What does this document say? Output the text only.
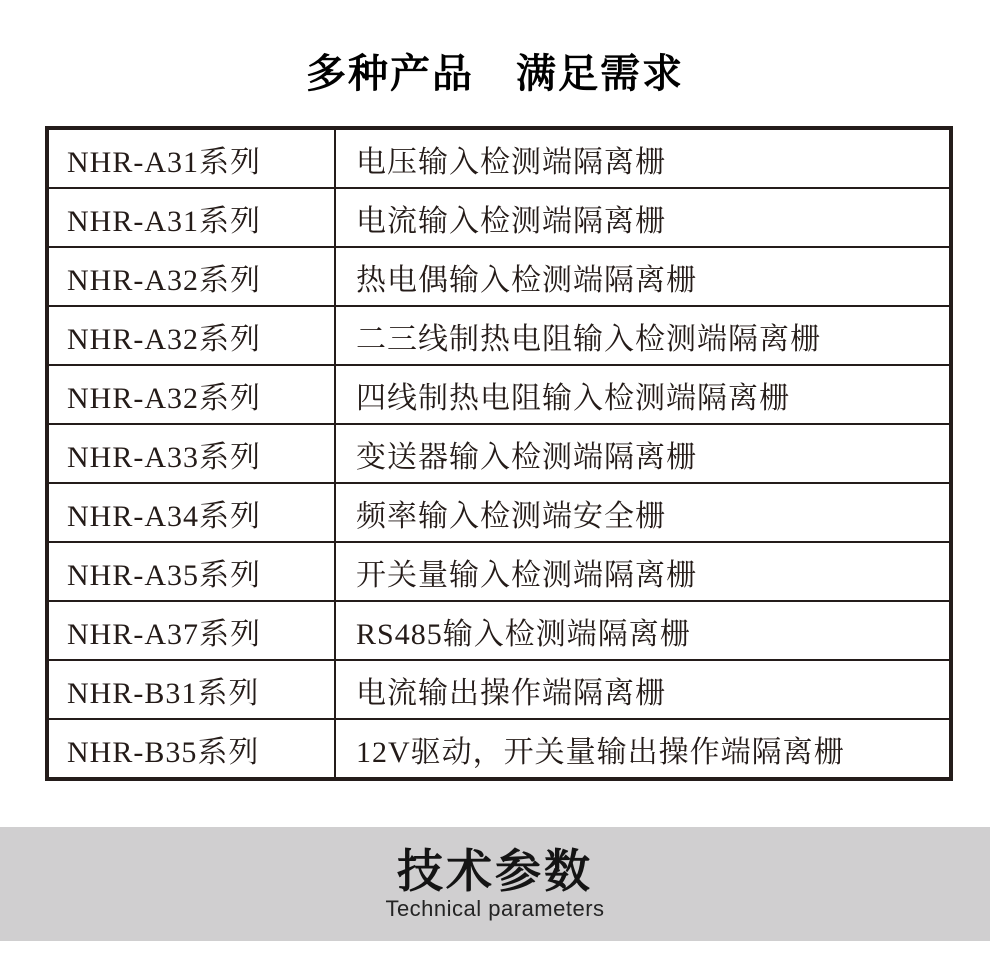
多种产品　满足需求
NHR-A31系列	电压输入检测端隔离栅
NHR-A31系列	电流输入检测端隔离栅
NHR-A32系列	热电偶输入检测端隔离栅
NHR-A32系列	二三线制热电阻输入检测端隔离栅
NHR-A32系列	四线制热电阻输入检测端隔离栅
NHR-A33系列	变送器输入检测端隔离栅
NHR-A34系列	频率输入检测端安全栅
NHR-A35系列	开关量输入检测端隔离栅
NHR-A37系列	RS485输入检测端隔离栅
NHR-B31系列	电流输出操作端隔离栅
NHR-B35系列	12V驱动，开关量输出操作端隔离栅
技术参数
Technical parameters
